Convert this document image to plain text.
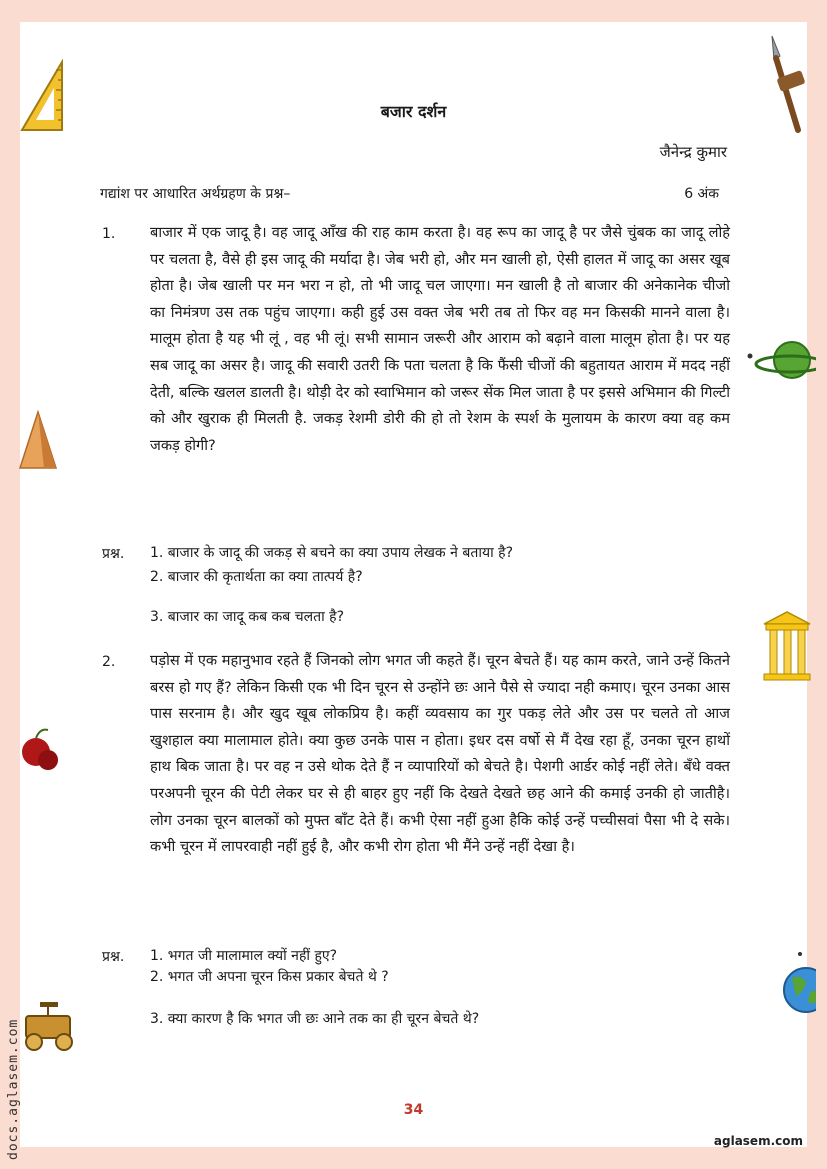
बजार दर्शन
जैनेन्द्र कुमार
गद्यांश पर आधारित अर्थग्रहण के प्रश्न–	6 अंक
1. बाजार में एक जादू है। वह जादू आँख की राह काम करता है। वह रूप का जादू है पर जैसे चुंबक का जादू लोहे पर चलता है, वैसे ही इस जादू की मर्यादा है। जेब भरी हो, और मन खाली हो, ऐसी हालत में जादू का असर खूब होता है। जेब खाली पर मन भरा न हो, तो भी जादू चल जाएगा। मन खाली है तो बाजार की अनेकानेक चीजो का निमंत्रण उस तक पहुंच जाएगा। कही हुई उस वक्त जेब भरी तब तो फिर वह मन किसकी मानने वाला है। मालूम होता है यह भी लूं , वह भी लूं। सभी सामान जरूरी और आराम को बढ़ाने वाला मालूम होता है। पर यह सब जादू का असर है। जादू की सवारी उतरी कि पता चलता है कि फैंसी चीजों की बहुतायत आराम में मदद नहीं देती, बल्कि खलल डालती है। थोड़ी देर को स्वाभिमान को जरूर सेंक मिल जाता है पर इससे अभिमान की गिल्टी को और खुराक ही मिलती है. जकड़ रेशमी डोरी की हो तो रेशम के स्पर्श के मुलायम के कारण क्या वह कम जकड़ होगी?
प्रश्न. 1. बाजार के जादू की जकड़ से बचने का क्या उपाय लेखक ने बताया है?
2. बाजार की कृतार्थता का क्या तात्पर्य है?
3. बाजार का जादू कब कब चलता है?
2. पड़ोस में एक महानुभाव रहते हैं जिनको लोग भगत जी कहते हैं। चूरन बेचते हैं। यह काम करते, जाने उन्हें कितने बरस हो गए हैं? लेकिन किसी एक भी दिन चूरन से उन्होंने छः आने पैसे से ज्यादा नही कमाए। चूरन उनका आस पास सरनाम है। और खुद खूब लोकप्रिय है। कहीं व्यवसाय का गुर पकड़ लेते और उस पर चलते तो आज खुशहाल क्या मालामाल होते। क्या कुछ उनके पास न होता। इधर दस वर्षो से मैं देख रहा हूँ, उनका चूरन हाथों हाथ बिक जाता है। पर वह न उसे थोक देते हैं न व्यापारियों को बेचते है। पेशगी आर्डर कोई नहीं लेते। बँधे वक्त परअपनी चूरन की पेटी लेकर घर से ही बाहर हुए नहीं कि देखते देखते छह आने की कमाई उनकी हो जातीहै। लोग उनका चूरन बालकों को मुफ्त बाँट देते हैं। कभी ऐसा नहीं हुआ हैकि कोई उन्हें पच्चीसवां पैसा भी दे सके। कभी चूरन में लापरवाही नहीं हुई है, और कभी रोग होता भी मैंने उन्हें नहीं देखा है।
प्रश्न. 1. भगत जी मालामाल क्यों नहीं हुए?
2. भगत जी अपना चूरन किस प्रकार बेचते थे ?
3. क्या कारण है कि भगत जी छः आने तक का ही चूरन बेचते थे?
34
aglasem.com
docs.aglasem.com
